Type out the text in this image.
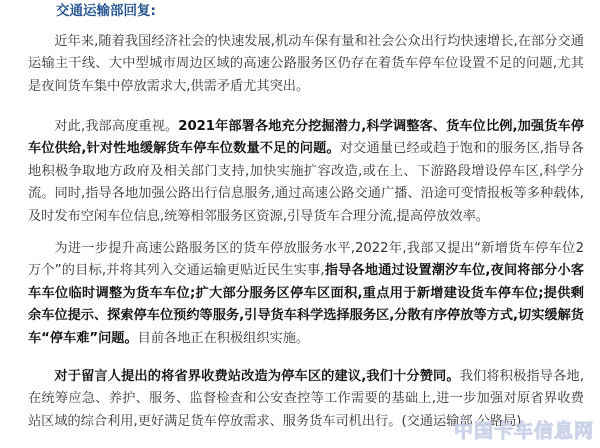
交通运输部回复:

近年来,随着我国经济社会的快速发展,机动车保有量和社会公众出行均快速增长,在部分交通运输主干线、大中型城市周边区域的高速公路服务区仍存在着货车停车位设置不足的问题,尤其是夜间货车集中停放需求大,供需矛盾尤其突出。

对此,我部高度重视。2021年部署各地充分挖掘潜力,科学调整客、货车位比例,加强货车停车位供给,针对性地缓解货车停车位数量不足的问题。对交通量已经或趋于饱和的服务区,指导各地积极争取地方政府及相关部门支持,加快实施扩容改造,或在上、下游路段增设停车区,科学分流。同时,指导各地加强公路出行信息服务,通过高速公路交通广播、沿途可变情报板等多种载体,及时发布空闲车位信息,统筹相邻服务区资源,引导货车合理分流,提高停放效率。

为进一步提升高速公路服务区的货车停放服务水平,2022年,我部又提出“新增货车停车位2万个”的目标,并将其列入交通运输更贴近民生实事,指导各地通过设置潮汐车位,夜间将部分小客车车位临时调整为货车车位;扩大部分服务区停车区面积,重点用于新增建设货车停车位;提供剩余车位提示、探索停车位预约等服务,引导货车科学选择服务区,分散有序停放等方式,切实缓解货车“停车难”问题。目前各地正在积极组织实施。

对于留言人提出的将省界收费站改造为停车区的建议,我们十分赞同。我们将积极指导各地,在统筹应急、养护、服务、监督检查和公安查控等工作需要的基础上,进一步加强对原省界收费站区域的综合利用,更好满足货车停放需求、服务货车司机出行。(交通运输部 公路局)

中国卡车信息网
